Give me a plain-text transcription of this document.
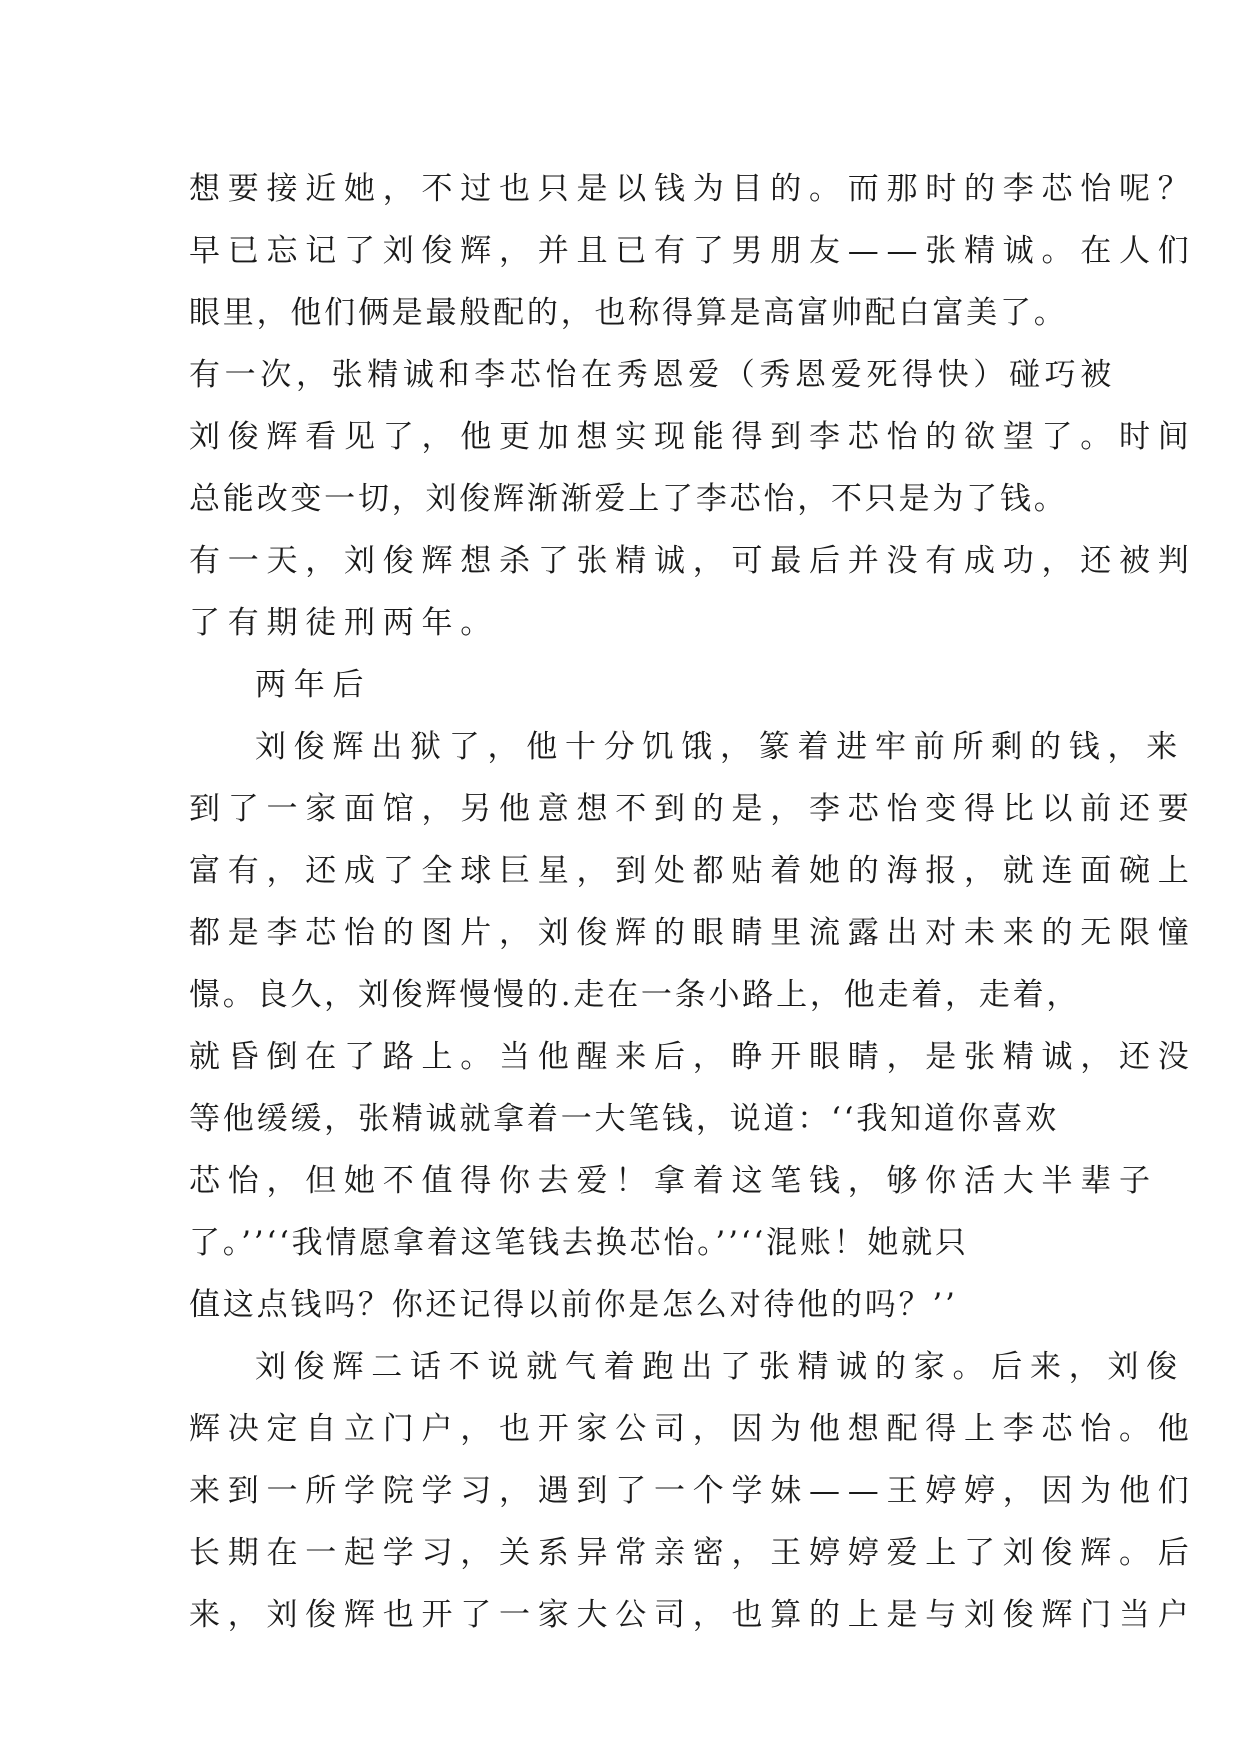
想要接近她，不过也只是以钱为目的。而那时的李芯怡呢？
早已忘记了刘俊辉，并且已有了男朋友——张精诚。在人们
眼里，他们俩是最般配的，也称得算是高富帅配白富美了。
有一次，张精诚和李芯怡在秀恩爱（秀恩爱死得快）碰巧被
刘俊辉看见了，他更加想实现能得到李芯怡的欲望了。时间
总能改变一切，刘俊辉渐渐爱上了李芯怡，不只是为了钱。
有一天，刘俊辉想杀了张精诚，可最后并没有成功，还被判
了有期徒刑两年。
两年后
刘俊辉出狱了，他十分饥饿，篆着进牢前所剩的钱，来
到了一家面馆，另他意想不到的是，李芯怡变得比以前还要
富有，还成了全球巨星，到处都贴着她的海报，就连面碗上
都是李芯怡的图片，刘俊辉的眼睛里流露出对未来的无限憧
憬。良久，刘俊辉慢慢的.走在一条小路上，他走着，走着，
就昏倒在了路上。当他醒来后，睁开眼睛，是张精诚，还没
等他缓缓，张精诚就拿着一大笔钱，说道：‘‘我知道你喜欢
芯怡，但她不值得你去爱！拿着这笔钱，够你活大半辈子
了。’’‘‘我情愿拿着这笔钱去换芯怡。’’‘‘混账！她就只
值这点钱吗？你还记得以前你是怎么对待他的吗？’’
刘俊辉二话不说就气着跑出了张精诚的家。后来，刘俊
辉决定自立门户，也开家公司，因为他想配得上李芯怡。他
来到一所学院学习，遇到了一个学妹——王婷婷，因为他们
长期在一起学习，关系异常亲密，王婷婷爱上了刘俊辉。后
来，刘俊辉也开了一家大公司，也算的上是与刘俊辉门当户
